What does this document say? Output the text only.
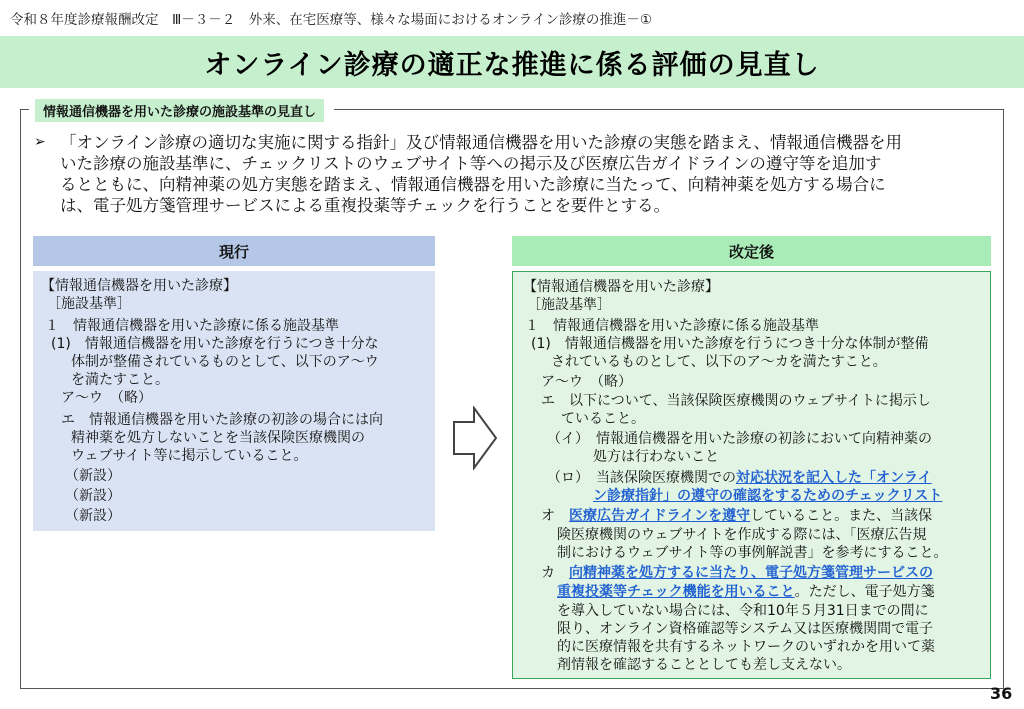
令和８年度診療報酬改定　Ⅲ－３－２　外来、在宅医療等、様々な場面におけるオンライン診療の推進－①
オンライン診療の適正な推進に係る評価の見直し
情報通信機器を用いた診療の施設基準の見直し
➢ 「オンライン診療の適切な実施に関する指針」及び情報通信機器を用いた診療の実態を踏まえ、情報通信機器を用

いた診療の施設基準に、チェックリストのウェブサイト等への掲示及び医療広告ガイドラインの遵守等を追加す

るとともに、向精神薬の処方実態を踏まえ、情報通信機器を用いた診療に当たって、向精神薬を処方する場合に

は、電子処方箋管理サービスによる重複投薬等チェックを行うことを要件とする。

現行	改定後
【情報通信機器を用いた診療】
［施設基準］
１　情報通信機器を用いた診療に係る施設基準
(1)　情報通信機器を用いた診療を行うにつき十分な
体制が整備されているものとして、以下のア～ウ
を満たすこと。
ア～ウ　（略）
エ　情報通信機器を用いた診療の初診の場合には向
精神薬を処方しないことを当該保険医療機関の
ウェブサイト等に掲示していること。
（新設）
（新設）
（新設）
【情報通信機器を用いた診療】
［施設基準］
１　情報通信機器を用いた診療に係る施設基準
(1)　情報通信機器を用いた診療を行うにつき十分な体制が整備
されているものとして、以下のア～カを満たすこと。
ア～ウ　（略）
エ　以下について、当該保険医療機関のウェブサイトに掲示し
ていること。
（イ）　情報通信機器を用いた診療の初診において向精神薬の
処方は行わないこと
（ロ）　当該保険医療機関での対応状況を記入した「オンライ
ン診療指針」の遵守の確認をするためのチェックリスト
オ　医療広告ガイドラインを遵守していること。また、当該保
険医療機関のウェブサイトを作成する際には、「医療広告規
制におけるウェブサイト等の事例解説書」を参考にすること。
カ　向精神薬を処方するに当たり、電子処方箋管理サービスの
重複投薬等チェック機能を用いること。ただし、電子処方箋
を導入していない場合には、令和10年５月31日までの間に
限り、オンライン資格確認等システム又は医療機関間で電子
的に医療情報を共有するネットワークのいずれかを用いて薬
剤情報を確認することとしても差し支えない。
36
